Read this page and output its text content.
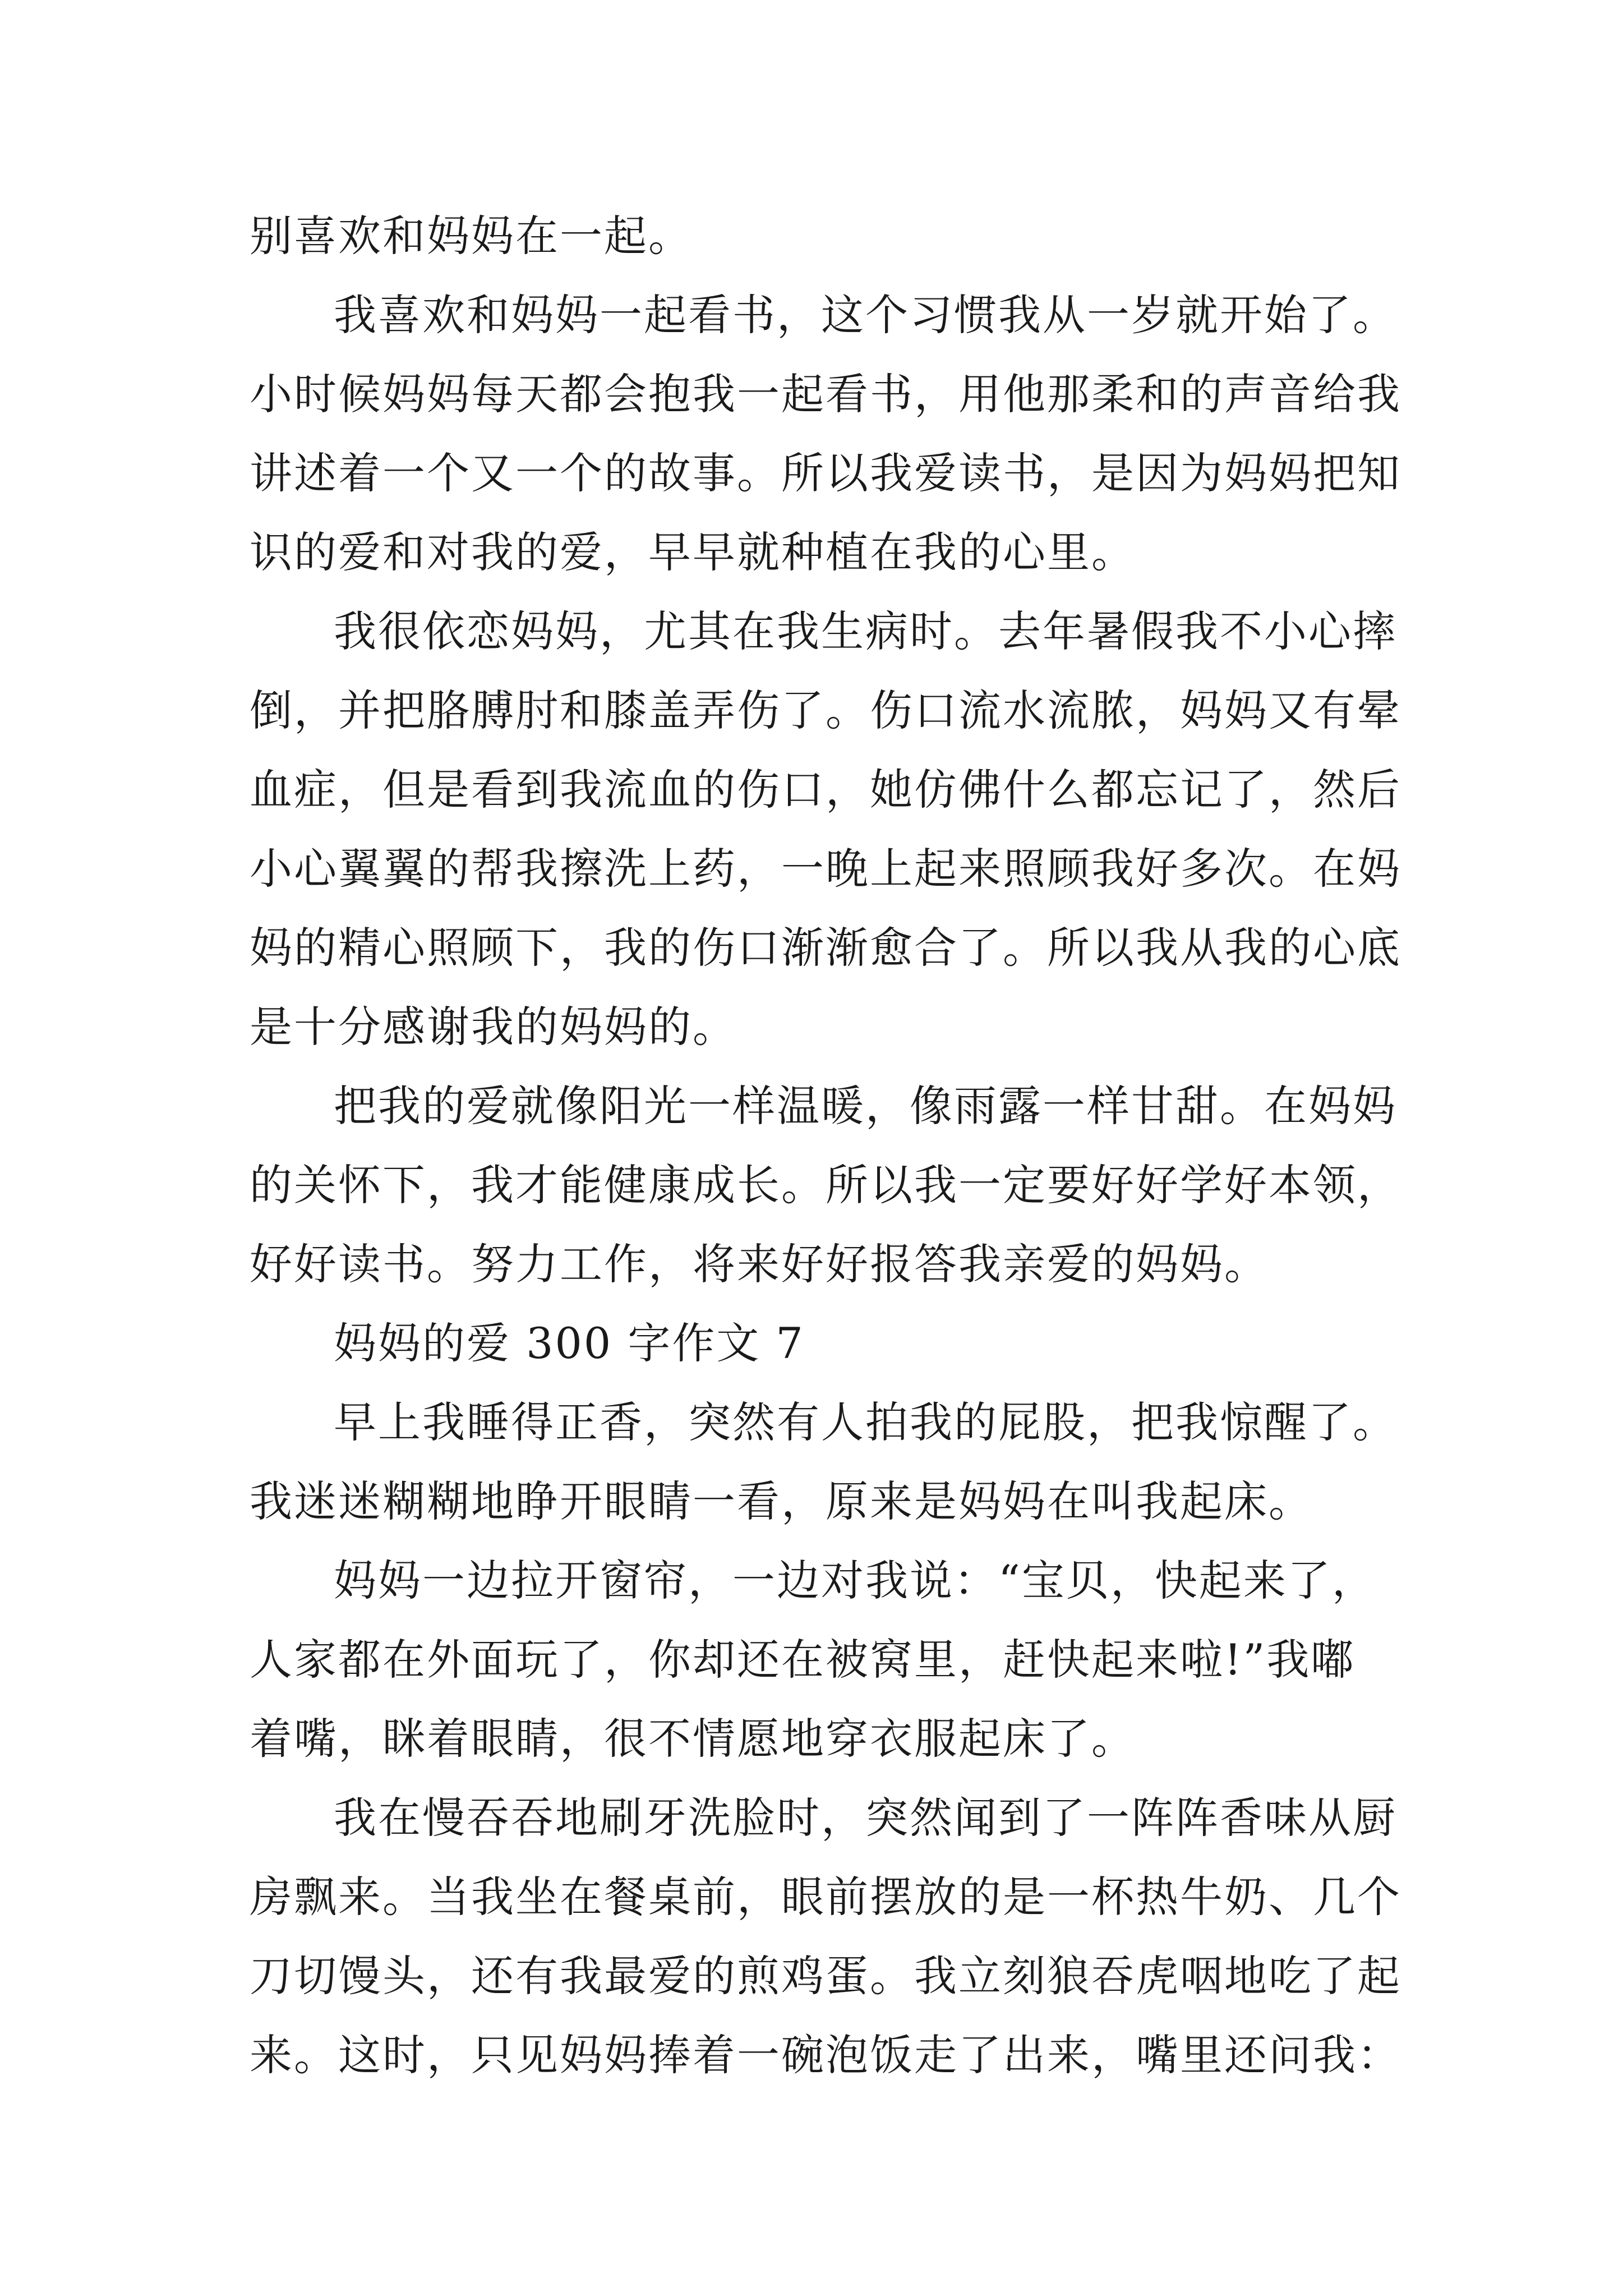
别喜欢和妈妈在一起。
我喜欢和妈妈一起看书，这个习惯我从一岁就开始了。
小时候妈妈每天都会抱我一起看书，用他那柔和的声音给我
讲述着一个又一个的故事。所以我爱读书，是因为妈妈把知
识的爱和对我的爱，早早就种植在我的心里。
我很依恋妈妈，尤其在我生病时。去年暑假我不小心摔
倒，并把胳膊肘和膝盖弄伤了。伤口流水流脓，妈妈又有晕
血症，但是看到我流血的伤口，她仿佛什么都忘记了，然后
小心翼翼的帮我擦洗上药，一晚上起来照顾我好多次。在妈
妈的精心照顾下，我的伤口渐渐愈合了。所以我从我的心底
是十分感谢我的妈妈的。
把我的爱就像阳光一样温暖，像雨露一样甘甜。在妈妈
的关怀下，我才能健康成长。所以我一定要好好学好本领，
好好读书。努力工作，将来好好报答我亲爱的妈妈。
妈妈的爱 300 字作文 7
早上我睡得正香，突然有人拍我的屁股，把我惊醒了。
我迷迷糊糊地睁开眼睛一看，原来是妈妈在叫我起床。
妈妈一边拉开窗帘，一边对我说：“宝贝，快起来了，
人家都在外面玩了，你却还在被窝里，赶快起来啦!”我嘟
着嘴，眯着眼睛，很不情愿地穿衣服起床了。
我在慢吞吞地刷牙洗脸时，突然闻到了一阵阵香味从厨
房飘来。当我坐在餐桌前，眼前摆放的是一杯热牛奶、几个
刀切馒头，还有我最爱的煎鸡蛋。我立刻狼吞虎咽地吃了起
来。这时，只见妈妈捧着一碗泡饭走了出来，嘴里还问我：
